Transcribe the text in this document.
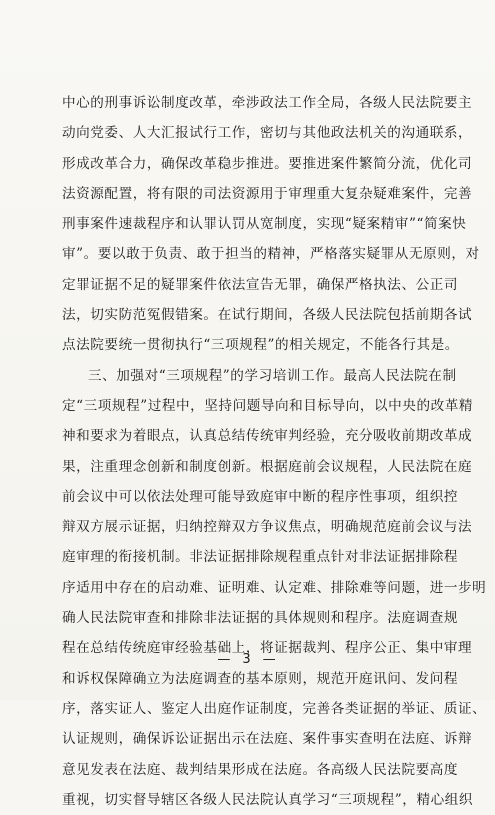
中心的刑事诉讼制度改革，牵涉政法工作全局，各级人民法院要主
动向党委、人大汇报试行工作，密切与其他政法机关的沟通联系，
形成改革合力，确保改革稳步推进。要推进案件繁简分流，优化司
法资源配置，将有限的司法资源用于审理重大复杂疑难案件，完善
刑事案件速裁程序和认罪认罚从宽制度，实现“疑案精审”“简案快
审”。要以敢于负责、敢于担当的精神，严格落实疑罪从无原则，对
定罪证据不足的疑罪案件依法宣告无罪，确保严格执法、公正司
法，切实防范冤假错案。在试行期间，各级人民法院包括前期各试
点法院要统一贯彻执行“三项规程”的相关规定，不能各行其是。
三、加强对“三项规程”的学习培训工作。最高人民法院在制
定“三项规程”过程中，坚持问题导向和目标导向，以中央的改革精
神和要求为着眼点，认真总结传统审判经验，充分吸收前期改革成
果，注重理念创新和制度创新。根据庭前会议规程，人民法院在庭
前会议中可以依法处理可能导致庭审中断的程序性事项，组织控
辩双方展示证据，归纳控辩双方争议焦点，明确规范庭前会议与法
庭审理的衔接机制。非法证据排除规程重点针对非法证据排除程
序适用中存在的启动难、证明难、认定难、排除难等问题，进一步明
确人民法院审查和排除非法证据的具体规则和程序。法庭调查规
程在总结传统庭审经验基础上，将证据裁判、程序公正、集中审理
和诉权保障确立为法庭调查的基本原则，规范开庭讯问、发问程
序，落实证人、鉴定人出庭作证制度，完善各类证据的举证、质证、
认证规则，确保诉讼证据出示在法庭、案件事实查明在法庭、诉辩
意见发表在法庭、裁判结果形成在法庭。各高级人民法院要高度
重视，切实督导辖区各级人民法院认真学习“三项规程”，精心组织
— 3 —
